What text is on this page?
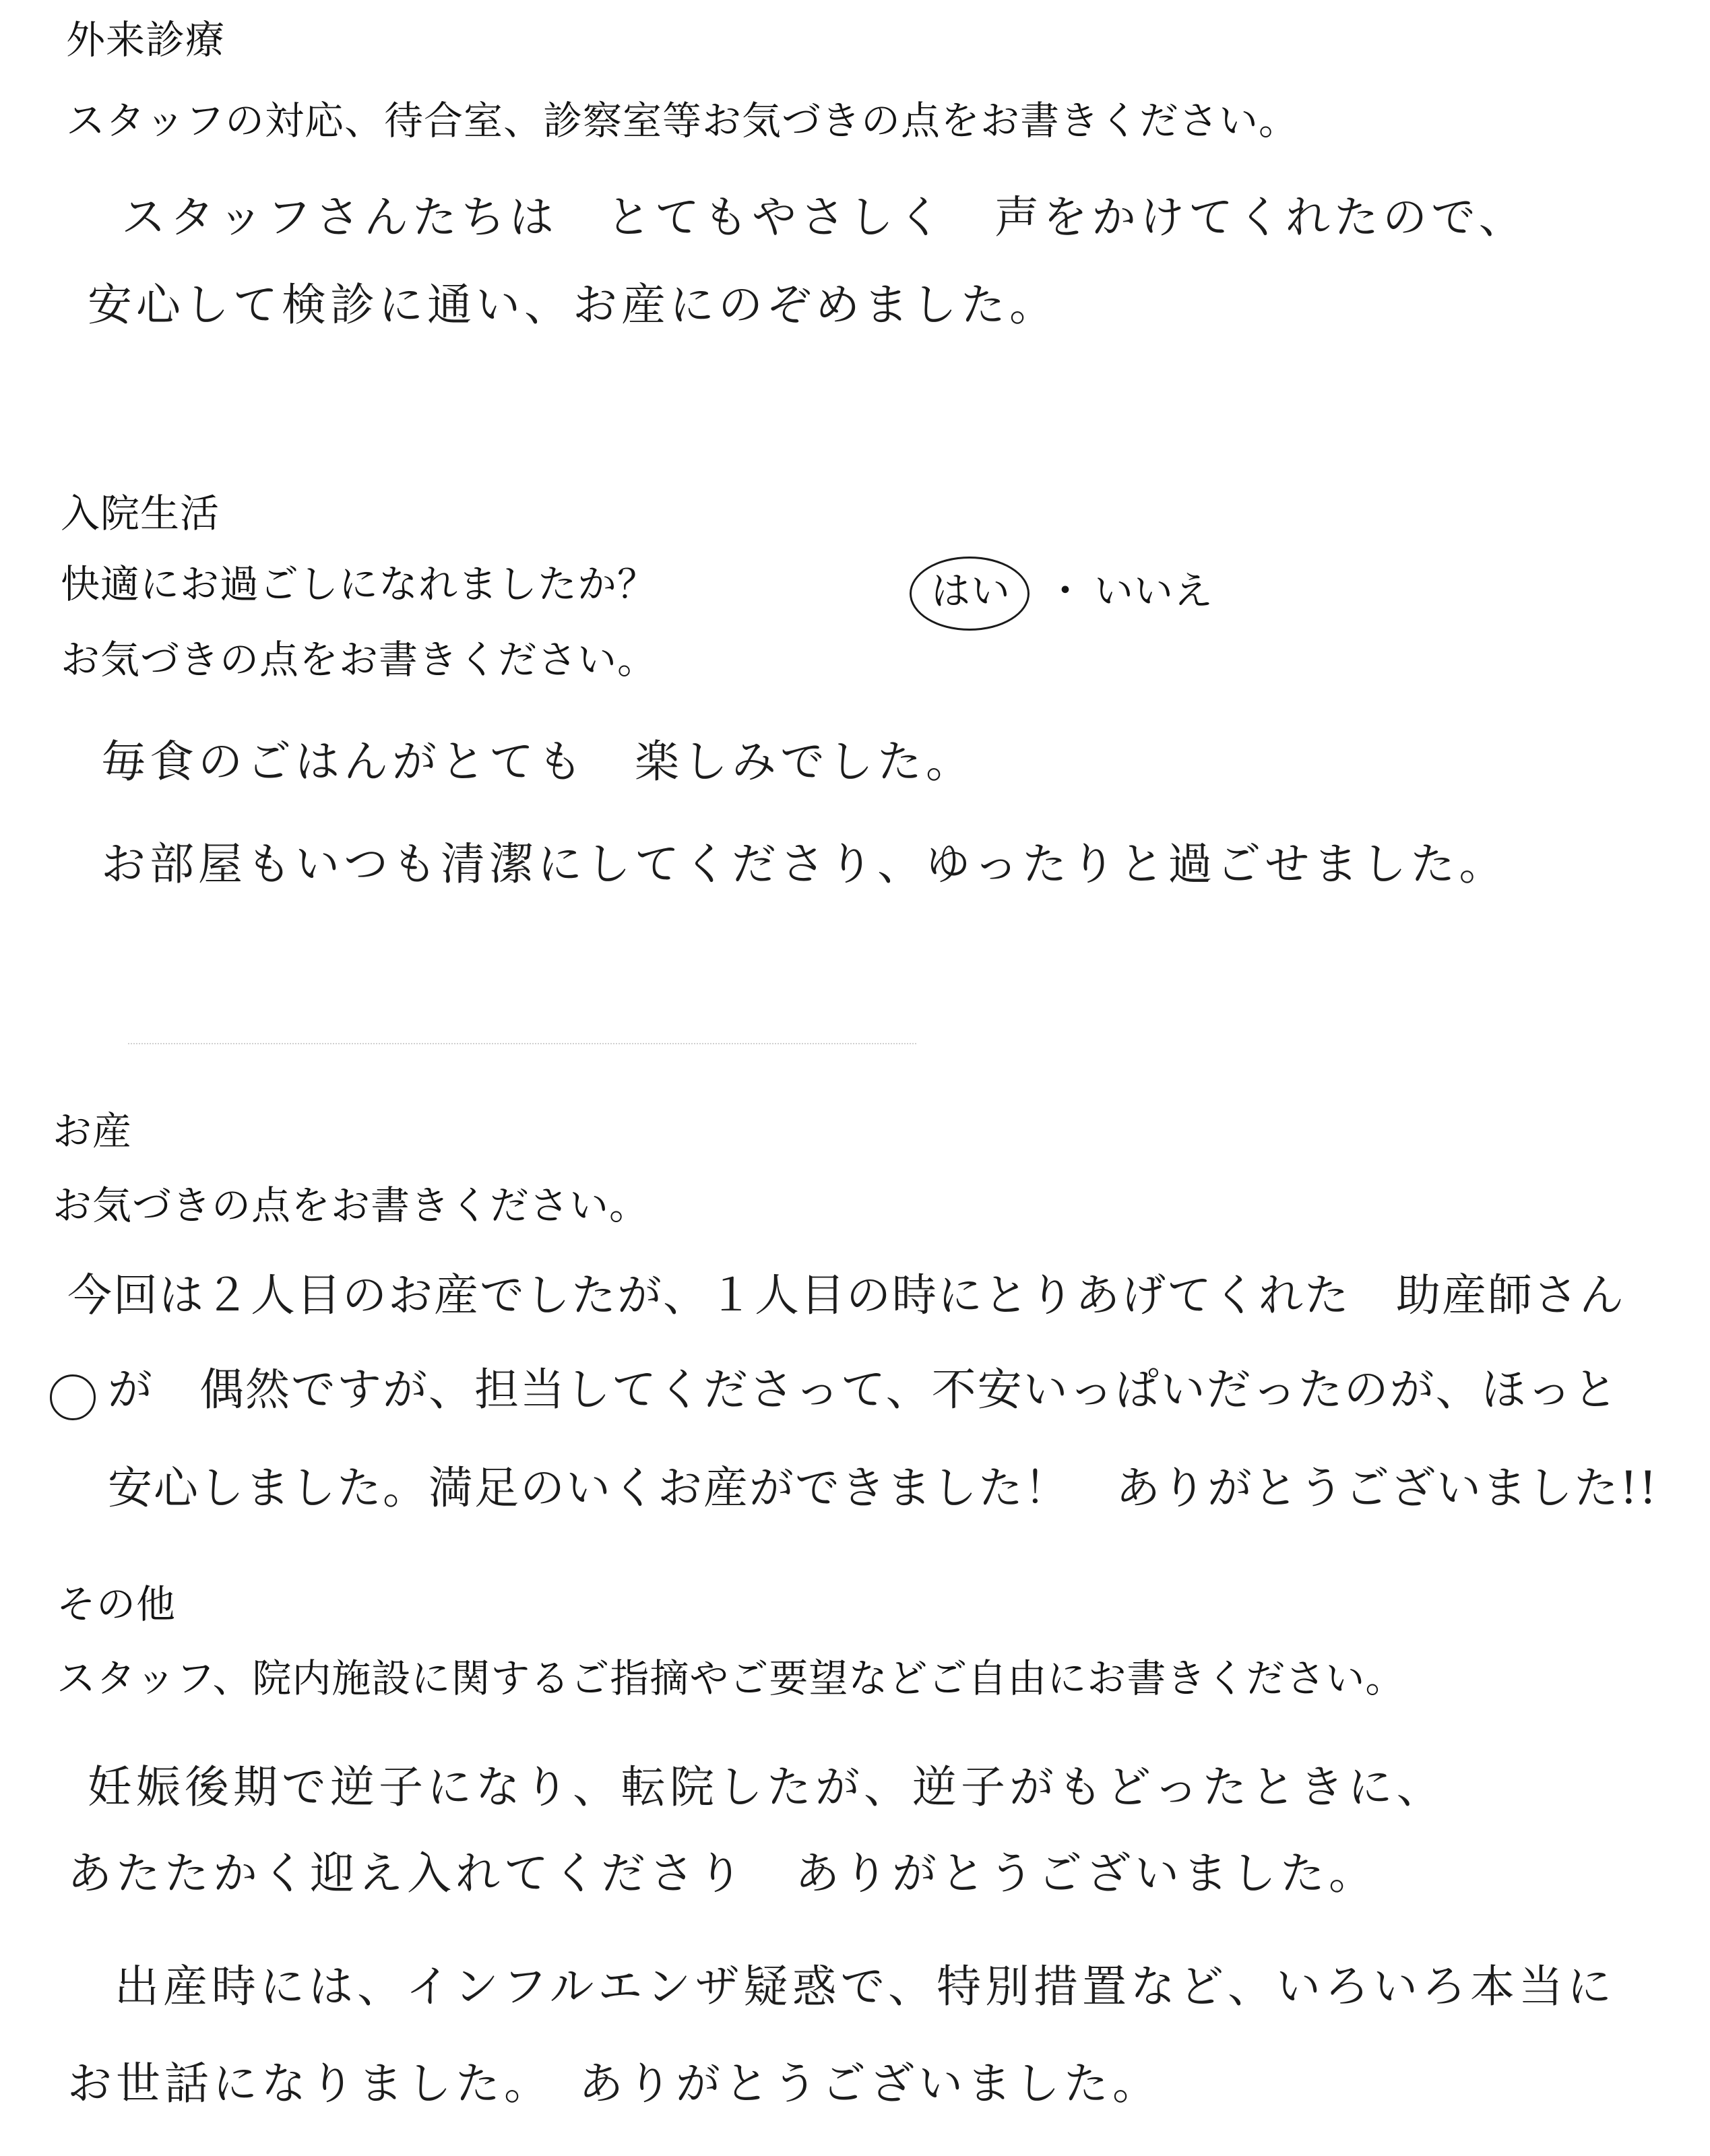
外来診療
スタッフの対応、待合室、診察室等お気づきの点をお書きください。
スタッフさんたちは　とてもやさしく　声をかけてくれたので、
安心して検診に通い、お産にのぞめました。
入院生活
快適にお過ごしになれましたか？	はい ・ いいえ
お気づきの点をお書きください。
毎食のごはんがとても　楽しみでした。
お部屋もいつも清潔にしてくださり、ゆったりと過ごせました。
お産
お気づきの点をお書きください。
今回は２人目のお産でしたが、１人目の時にとりあげてくれた　助産師さん
が　偶然ですが、担当してくださって、不安いっぱいだったのが、ほっと
安心しました。満足のいくお産ができました！　ありがとうございました!!
その他
スタッフ、院内施設に関するご指摘やご要望などご自由にお書きください。
妊娠後期で逆子になり、転院したが、逆子がもどったときに、
あたたかく迎え入れてくださり　ありがとうございました。
出産時には、インフルエンザ疑惑で、特別措置など、いろいろ本当に
お世話になりました。　ありがとうございました。
